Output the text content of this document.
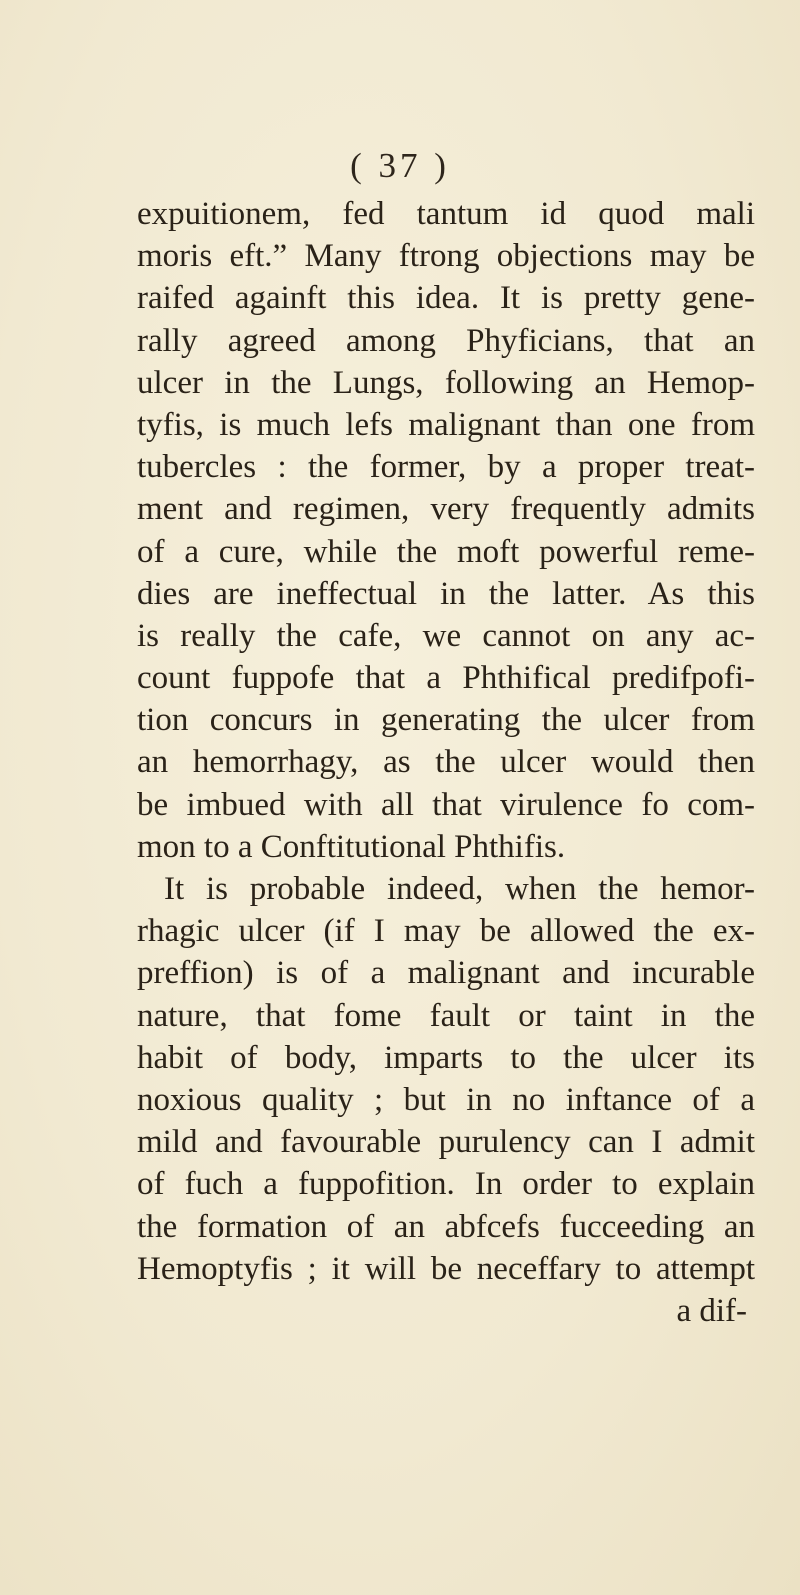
( 37 )
expuitionem, fed tantum id quod mali
moris eft.” Many ftrong objections may be
raifed againft this idea. It is pretty gene-
rally agreed among Phyficians, that an
ulcer in the Lungs, following an Hemop-
tyfis, is much lefs malignant than one from
tubercles : the former, by a proper treat-
ment and regimen, very frequently admits
of a cure, while the moft powerful reme-
dies are ineffectual in the latter. As this
is really the cafe, we cannot on any ac-
count fuppofe that a Phthifical predifpofi-
tion concurs in generating the ulcer from
an hemorrhagy, as the ulcer would then
be imbued with all that virulence fo com-
mon to a Conftitutional Phthifis.
It is probable indeed, when the hemor-
rhagic ulcer (if I may be allowed the ex-
preffion) is of a malignant and incurable
nature, that fome fault or taint in the
habit of body, imparts to the ulcer its
noxious quality ; but in no inftance of a
mild and favourable purulency can I admit
of fuch a fuppofition. In order to explain
the formation of an abfcefs fucceeding an
Hemoptyfis ; it will be neceffary to attempt
a dif-
